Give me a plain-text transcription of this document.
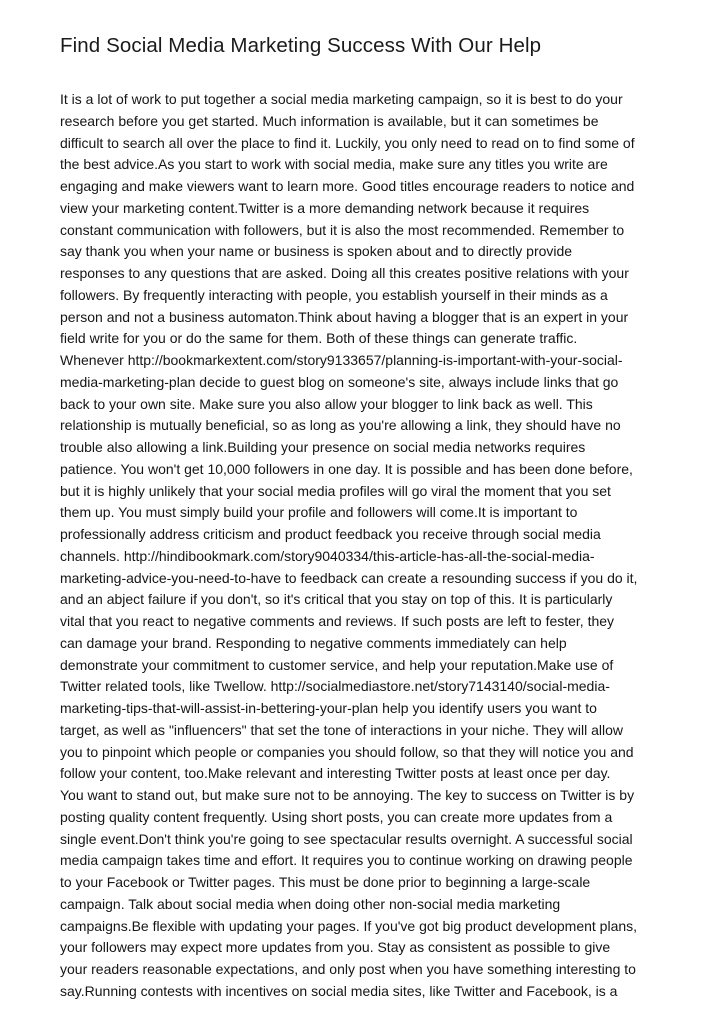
Find Social Media Marketing Success With Our Help
It is a lot of work to put together a social media marketing campaign, so it is best to do your
research before you get started. Much information is available, but it can sometimes be
difficult to search all over the place to find it. Luckily, you only need to read on to find some of
the best advice.As you start to work with social media, make sure any titles you write are
engaging and make viewers want to learn more. Good titles encourage readers to notice and
view your marketing content.Twitter is a more demanding network because it requires
constant communication with followers, but it is also the most recommended. Remember to
say thank you when your name or business is spoken about and to directly provide
responses to any questions that are asked. Doing all this creates positive relations with your
followers. By frequently interacting with people, you establish yourself in their minds as a
person and not a business automaton.Think about having a blogger that is an expert in your
field write for you or do the same for them. Both of these things can generate traffic.
Whenever http://bookmarkextent.com/story9133657/planning-is-important-with-your-social-
media-marketing-plan decide to guest blog on someone's site, always include links that go
back to your own site. Make sure you also allow your blogger to link back as well. This
relationship is mutually beneficial, so as long as you're allowing a link, they should have no
trouble also allowing a link.Building your presence on social media networks requires
patience. You won't get 10,000 followers in one day. It is possible and has been done before,
but it is highly unlikely that your social media profiles will go viral the moment that you set
them up. You must simply build your profile and followers will come.It is important to
professionally address criticism and product feedback you receive through social media
channels. http://hindibookmark.com/story9040334/this-article-has-all-the-social-media-
marketing-advice-you-need-to-have to feedback can create a resounding success if you do it,
and an abject failure if you don't, so it's critical that you stay on top of this. It is particularly
vital that you react to negative comments and reviews. If such posts are left to fester, they
can damage your brand. Responding to negative comments immediately can help
demonstrate your commitment to customer service, and help your reputation.Make use of
Twitter related tools, like Twellow. http://socialmediastore.net/story7143140/social-media-
marketing-tips-that-will-assist-in-bettering-your-plan help you identify users you want to
target, as well as "influencers" that set the tone of interactions in your niche. They will allow
you to pinpoint which people or companies you should follow, so that they will notice you and
follow your content, too.Make relevant and interesting Twitter posts at least once per day.
You want to stand out, but make sure not to be annoying. The key to success on Twitter is by
posting quality content frequently. Using short posts, you can create more updates from a
single event.Don't think you're going to see spectacular results overnight. A successful social
media campaign takes time and effort. It requires you to continue working on drawing people
to your Facebook or Twitter pages. This must be done prior to beginning a large-scale
campaign. Talk about social media when doing other non-social media marketing
campaigns.Be flexible with updating your pages. If you've got big product development plans,
your followers may expect more updates from you. Stay as consistent as possible to give
your readers reasonable expectations, and only post when you have something interesting to
say.Running contests with incentives on social media sites, like Twitter and Facebook, is a
